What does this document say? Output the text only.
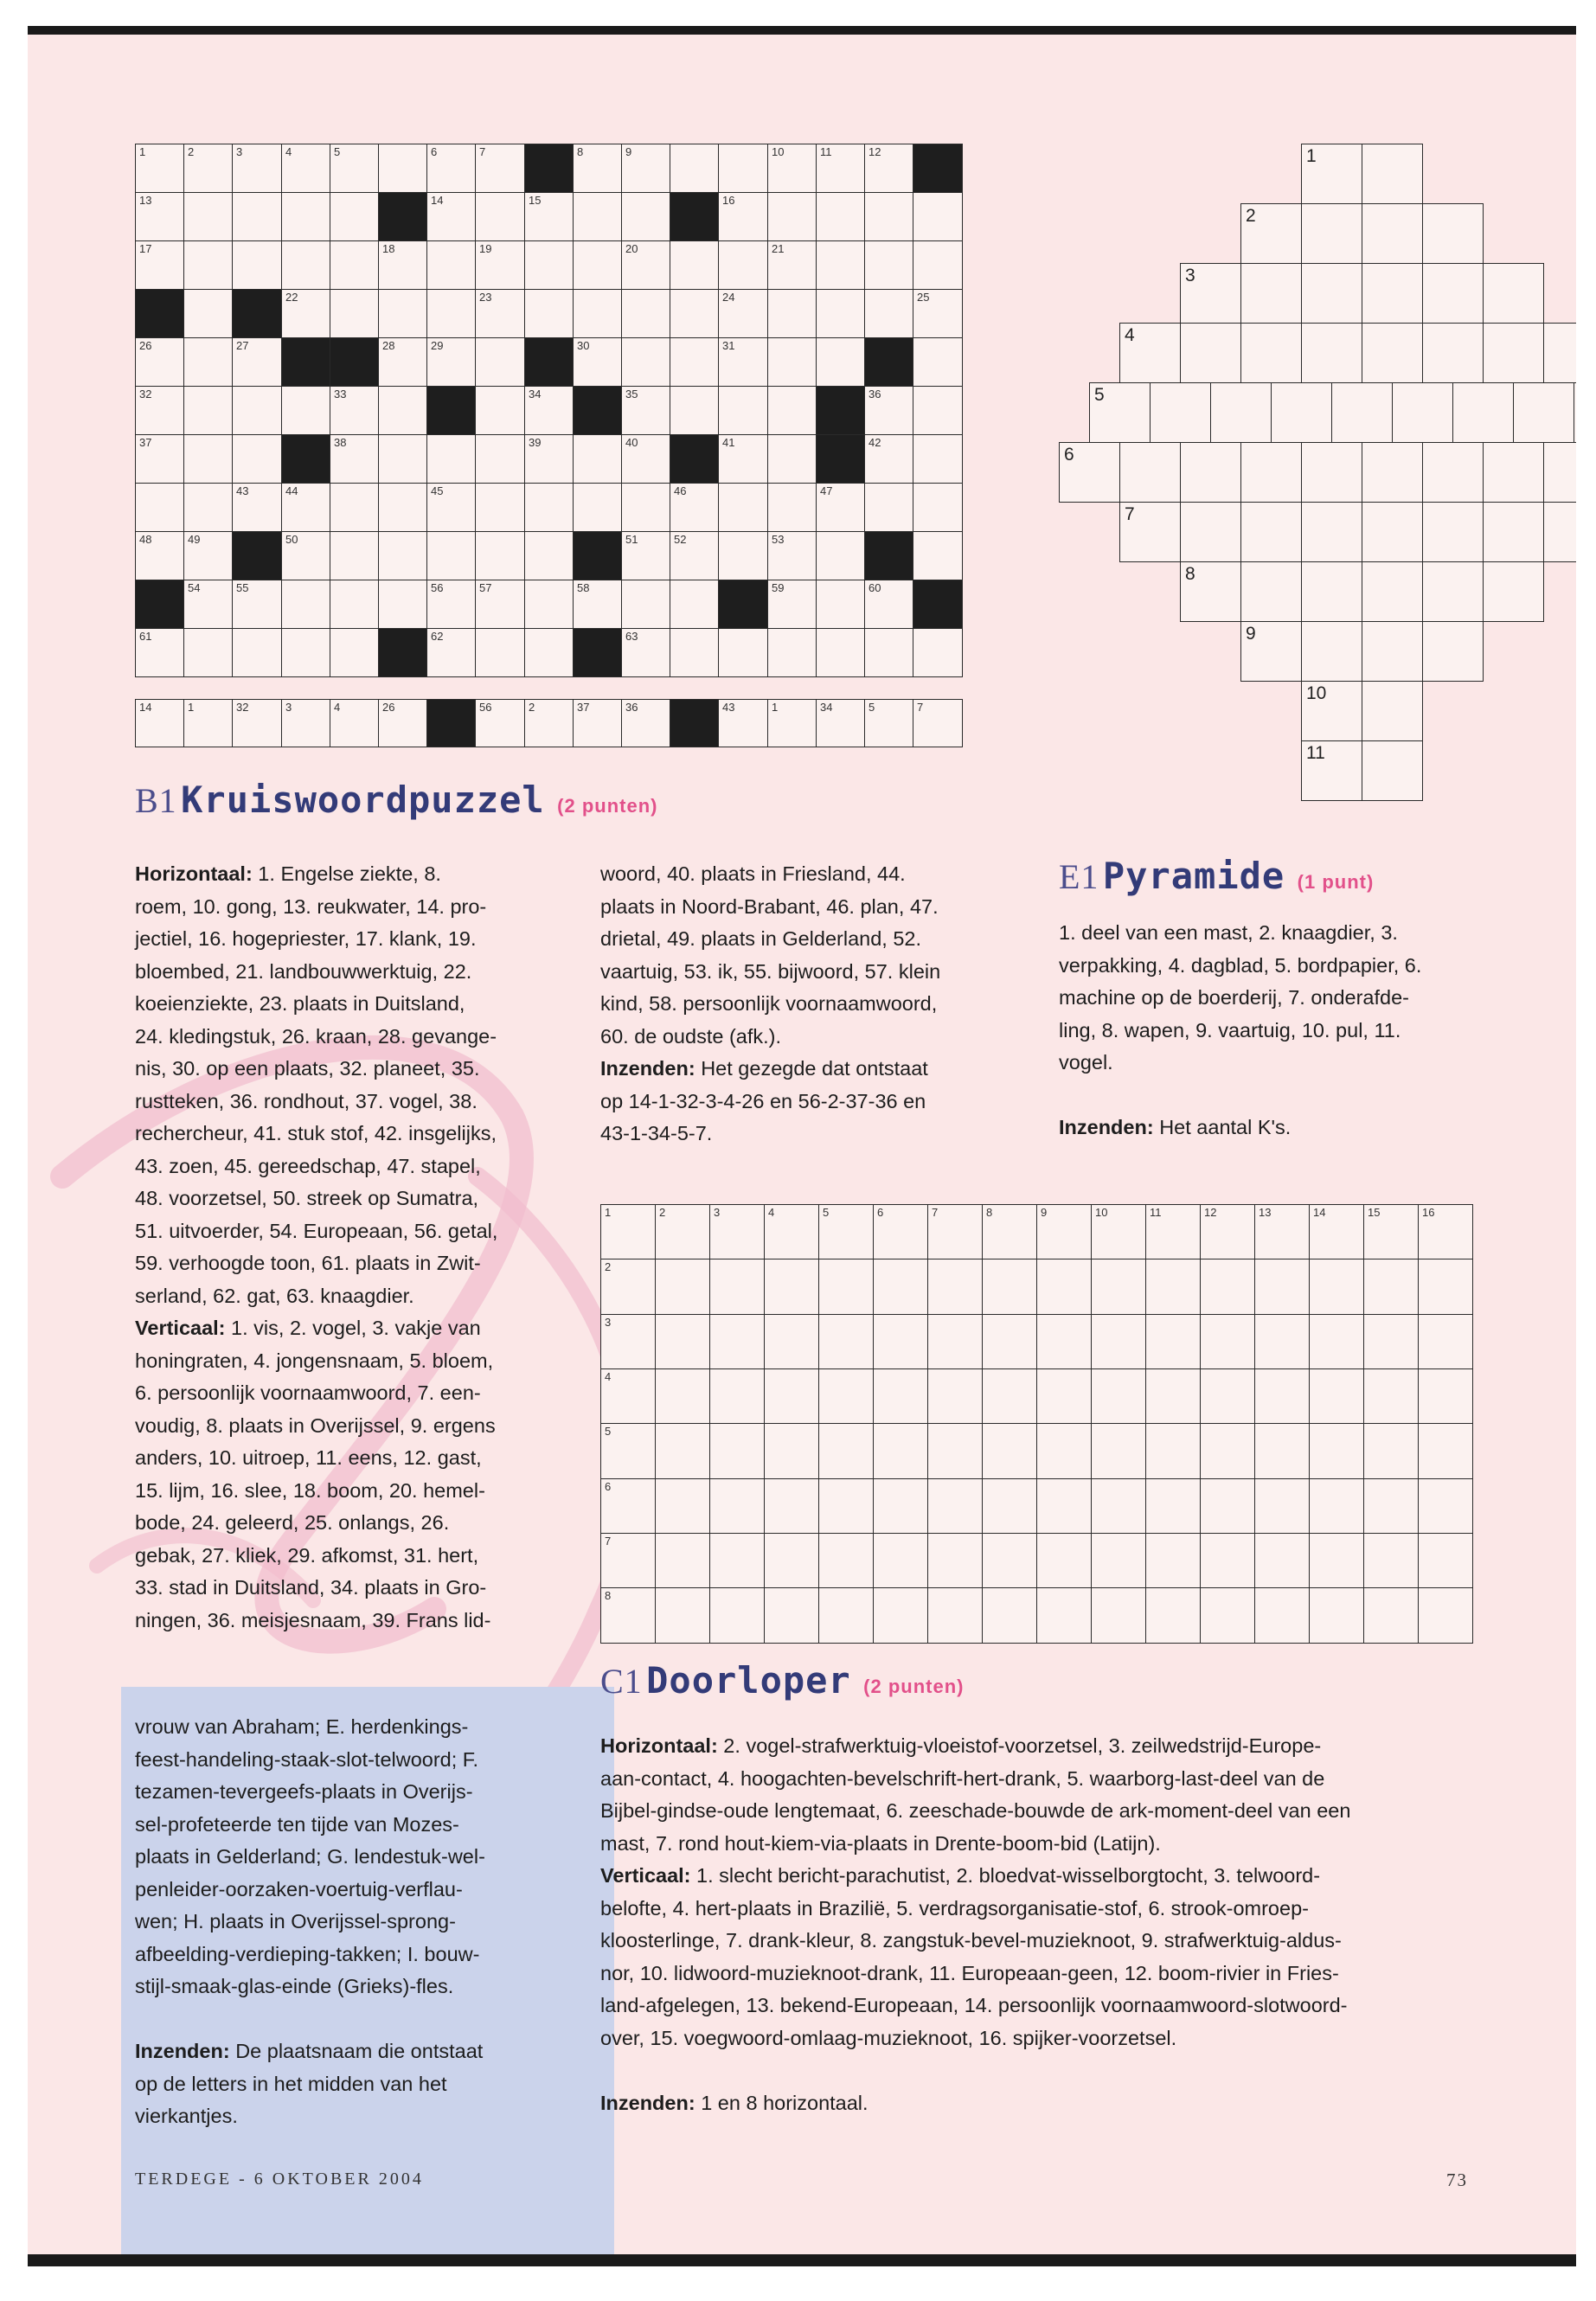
1	2	3	4	5	6	7	8	9	10	11	12
13	14	15	16
17	18	19	20	21
22	23	24	25
26	27	28	29	30	31
32	33	34	35	36
37	38	39	40	41	42
43	44	45	46	47
48	49	50	51	52	53
54	55	56	57	58	59	60
61	62	63
14	1	32	3	4	26	56	2	37	36	43	1	34	5	7
1
2
3
4
5
6
7
8
9
10
11
1	2	3	4	5	6	7	8	9	10	11	12	13	14	15	16
2
3
4
5
6
7
8
B1 Kruiswoordpuzzel (2 punten)
E1 Pyramide (1 punt)
C1 Doorloper (2 punten)
Horizontaal: 1. Engelse ziekte, 8.
roem, 10. gong, 13. reukwater, 14. pro-
jectiel, 16. hogepriester, 17. klank, 19.
bloembed, 21. landbouwwerktuig, 22.
koeienziekte, 23. plaats in Duitsland,
24. kledingstuk, 26. kraan, 28. gevange-
nis, 30. op een plaats, 32. planeet, 35.
rustteken, 36. rondhout, 37. vogel, 38.
rechercheur, 41. stuk stof, 42. insgelijks,
43. zoen, 45. gereedschap, 47. stapel,
48. voorzetsel, 50. streek op Sumatra,
51. uitvoerder, 54. Europeaan, 56. getal,
59. verhoogde toon, 61. plaats in Zwit-
serland, 62. gat, 63. knaagdier.
Verticaal: 1. vis, 2. vogel, 3. vakje van
honingraten, 4. jongensnaam, 5. bloem,
6. persoonlijk voornaamwoord, 7. een-
voudig, 8. plaats in Overijssel, 9. ergens
anders, 10. uitroep, 11. eens, 12. gast,
15. lijm, 16. slee, 18. boom, 20. hemel-
bode, 24. geleerd, 25. onlangs, 26.
gebak, 27. kliek, 29. afkomst, 31. hert,
33. stad in Duitsland, 34. plaats in Gro-
ningen, 36. meisjesnaam, 39. Frans lid-
woord, 40. plaats in Friesland, 44.
plaats in Noord-Brabant, 46. plan, 47.
drietal, 49. plaats in Gelderland, 52.
vaartuig, 53. ik, 55. bijwoord, 57. klein
kind, 58. persoonlijk voornaamwoord,
60. de oudste (afk.).
Inzenden: Het gezegde dat ontstaat
op 14-1-32-3-4-26 en 56-2-37-36 en
43-1-34-5-7.
1. deel van een mast, 2. knaagdier, 3.
verpakking, 4. dagblad, 5. bordpapier, 6.
machine op de boerderij, 7. onderafde-
ling, 8. wapen, 9. vaartuig, 10. pul, 11.
vogel.
Inzenden: Het aantal K's.
Horizontaal: 2. vogel-strafwerktuig-vloeistof-voorzetsel, 3. zeilwedstrijd-Europe-
aan-contact, 4. hoogachten-bevelschrift-hert-drank, 5. waarborg-last-deel van de
Bijbel-gindse-oude lengtemaat, 6. zeeschade-bouwde de ark-moment-deel van een
mast, 7. rond hout-kiem-via-plaats in Drente-boom-bid (Latijn).
Verticaal: 1. slecht bericht-parachutist, 2. bloedvat-wisselborgtocht, 3. telwoord-
belofte, 4. hert-plaats in Brazilië, 5. verdragsorganisatie-stof, 6. strook-omroep-
kloosterlinge, 7. drank-kleur, 8. zangstuk-bevel-muzieknoot, 9. strafwerktuig-aldus-
nor, 10. lidwoord-muzieknoot-drank, 11. Europeaan-geen, 12. boom-rivier in Fries-
land-afgelegen, 13. bekend-Europeaan, 14. persoonlijk voornaamwoord-slotwoord-
over, 15. voegwoord-omlaag-muzieknoot, 16. spijker-voorzetsel.
Inzenden: 1 en 8 horizontaal.
vrouw van Abraham; E. herdenkings-
feest-handeling-staak-slot-telwoord; F.
tezamen-tevergeefs-plaats in Overijs-
sel-profeteerde ten tijde van Mozes-
plaats in Gelderland; G. lendestuk-wel-
penleider-oorzaken-voertuig-verflau-
wen; H. plaats in Overijssel-sprong-
afbeelding-verdieping-takken; I. bouw-
stijl-smaak-glas-einde (Grieks)-fles.
Inzenden: De plaatsnaam die ontstaat
op de letters in het midden van het
vierkantjes.
TERDEGE - 6 OKTOBER 2004	73
